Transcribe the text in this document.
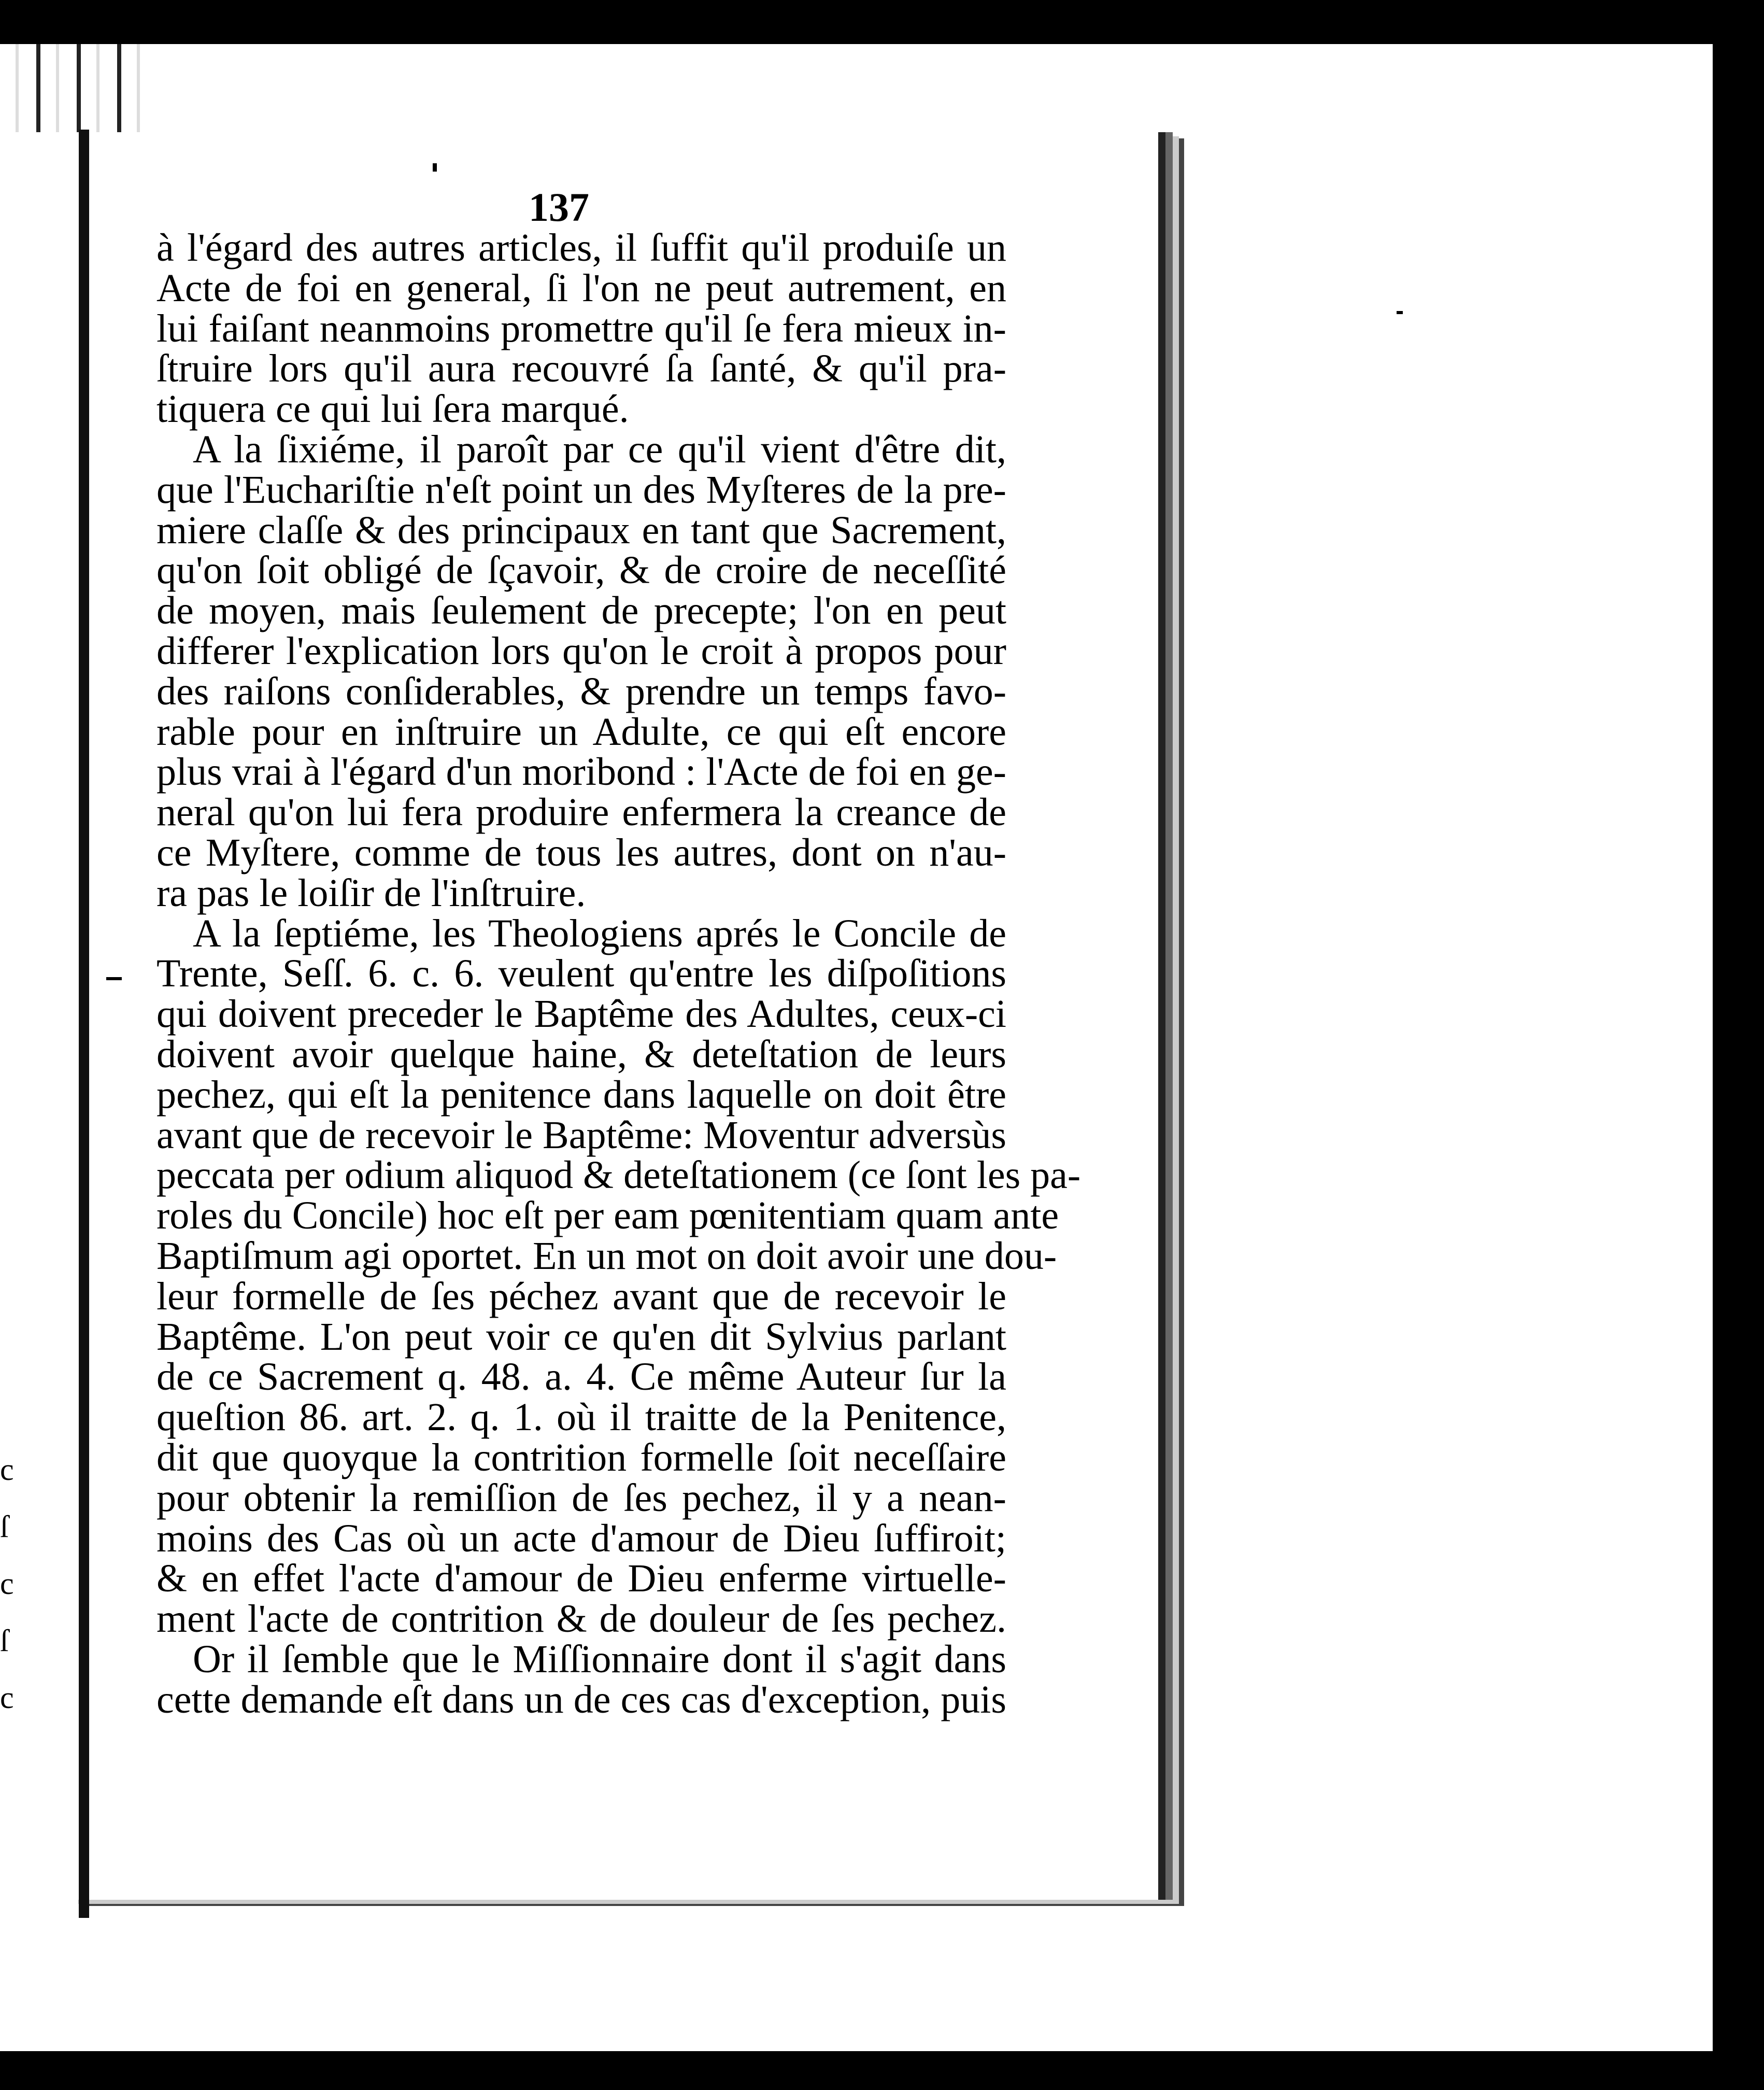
c
ſ
c
ſ
c
137
à l'égard des autres articles, il ſuffit qu'il produiſe un
Acte de foi en general, ſi l'on ne peut autrement, en
lui faiſant neanmoins promettre qu'il ſe fera mieux in-
ſtruire lors qu'il aura recouvré ſa ſanté, & qu'il pra-
tiquera ce qui lui ſera marqué.
A la ſixiéme, il paroît par ce qu'il vient d'être dit,
que l'Euchariſtie n'eſt point un des Myſteres de la pre-
miere claſſe & des principaux en tant que Sacrement,
qu'on ſoit obligé de ſçavoir, & de croire de neceſſité
de moyen, mais ſeulement de precepte; l'on en peut
differer l'explication lors qu'on le croit à propos pour
des raiſons conſiderables, & prendre un temps favo-
rable pour en inſtruire un Adulte, ce qui eſt encore
plus vrai à l'égard d'un moribond : l'Acte de foi en ge-
neral qu'on lui fera produire enfermera la creance de
ce Myſtere, comme de tous les autres, dont on n'au-
ra pas le loiſir de l'inſtruire.
A la ſeptiéme, les Theologiens aprés le Concile de
Trente, Seſſ. 6. c. 6. veulent qu'entre les diſpoſitions
qui doivent preceder le Baptême des Adultes, ceux-ci
doivent avoir quelque haine, & deteſtation de leurs
pechez, qui eſt la penitence dans laquelle on doit être
avant que de recevoir le Baptême: Moventur adversùs
peccata per odium aliquod & deteſtationem (ce ſont les pa-
roles du Concile) hoc eſt per eam pœnitentiam quam ante
Baptiſmum agi oportet. En un mot on doit avoir une dou-
leur formelle de ſes péchez avant que de recevoir le
Baptême. L'on peut voir ce qu'en dit Sylvius parlant
de ce Sacrement q. 48. a. 4. Ce même Auteur ſur la
queſtion 86. art. 2. q. 1. où il traitte de la Penitence,
dit que quoyque la contrition formelle ſoit neceſſaire
pour obtenir la remiſſion de ſes pechez, il y a nean-
moins des Cas où un acte d'amour de Dieu ſuffiroit;
& en effet l'acte d'amour de Dieu enferme virtuelle-
ment l'acte de contrition & de douleur de ſes pechez.
Or il ſemble que le Miſſionnaire dont il s'agit dans
cette demande eſt dans un de ces cas d'exception, puis
